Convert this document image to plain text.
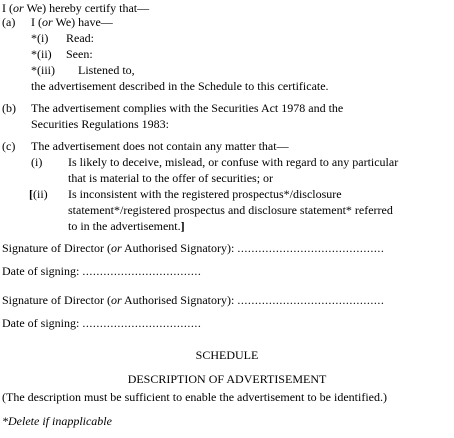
I (or We) hereby certify that—
(a) I (or We) have—
*(i) Read:
*(ii) Seen:
*(iii) Listened to,
the advertisement described in the Schedule to this certificate.
(b) The advertisement complies with the Securities Act 1978 and the
Securities Regulations 1983:
(c) The advertisement does not contain any matter that—
(i) Is likely to deceive, mislead, or confuse with regard to any particular
that is material to the offer of securities; or
[(ii) Is inconsistent with the registered prospectus*/disclosure
statement*/registered prospectus and disclosure statement* referred
to in the advertisement.]
Signature of Director (or Authorised Signatory): ..........................................
Date of signing: ..................................
Signature of Director (or Authorised Signatory): ..........................................
Date of signing: ..................................
SCHEDULE
DESCRIPTION OF ADVERTISEMENT
(The description must be sufficient to enable the advertisement to be identified.)
*Delete if inapplicable
